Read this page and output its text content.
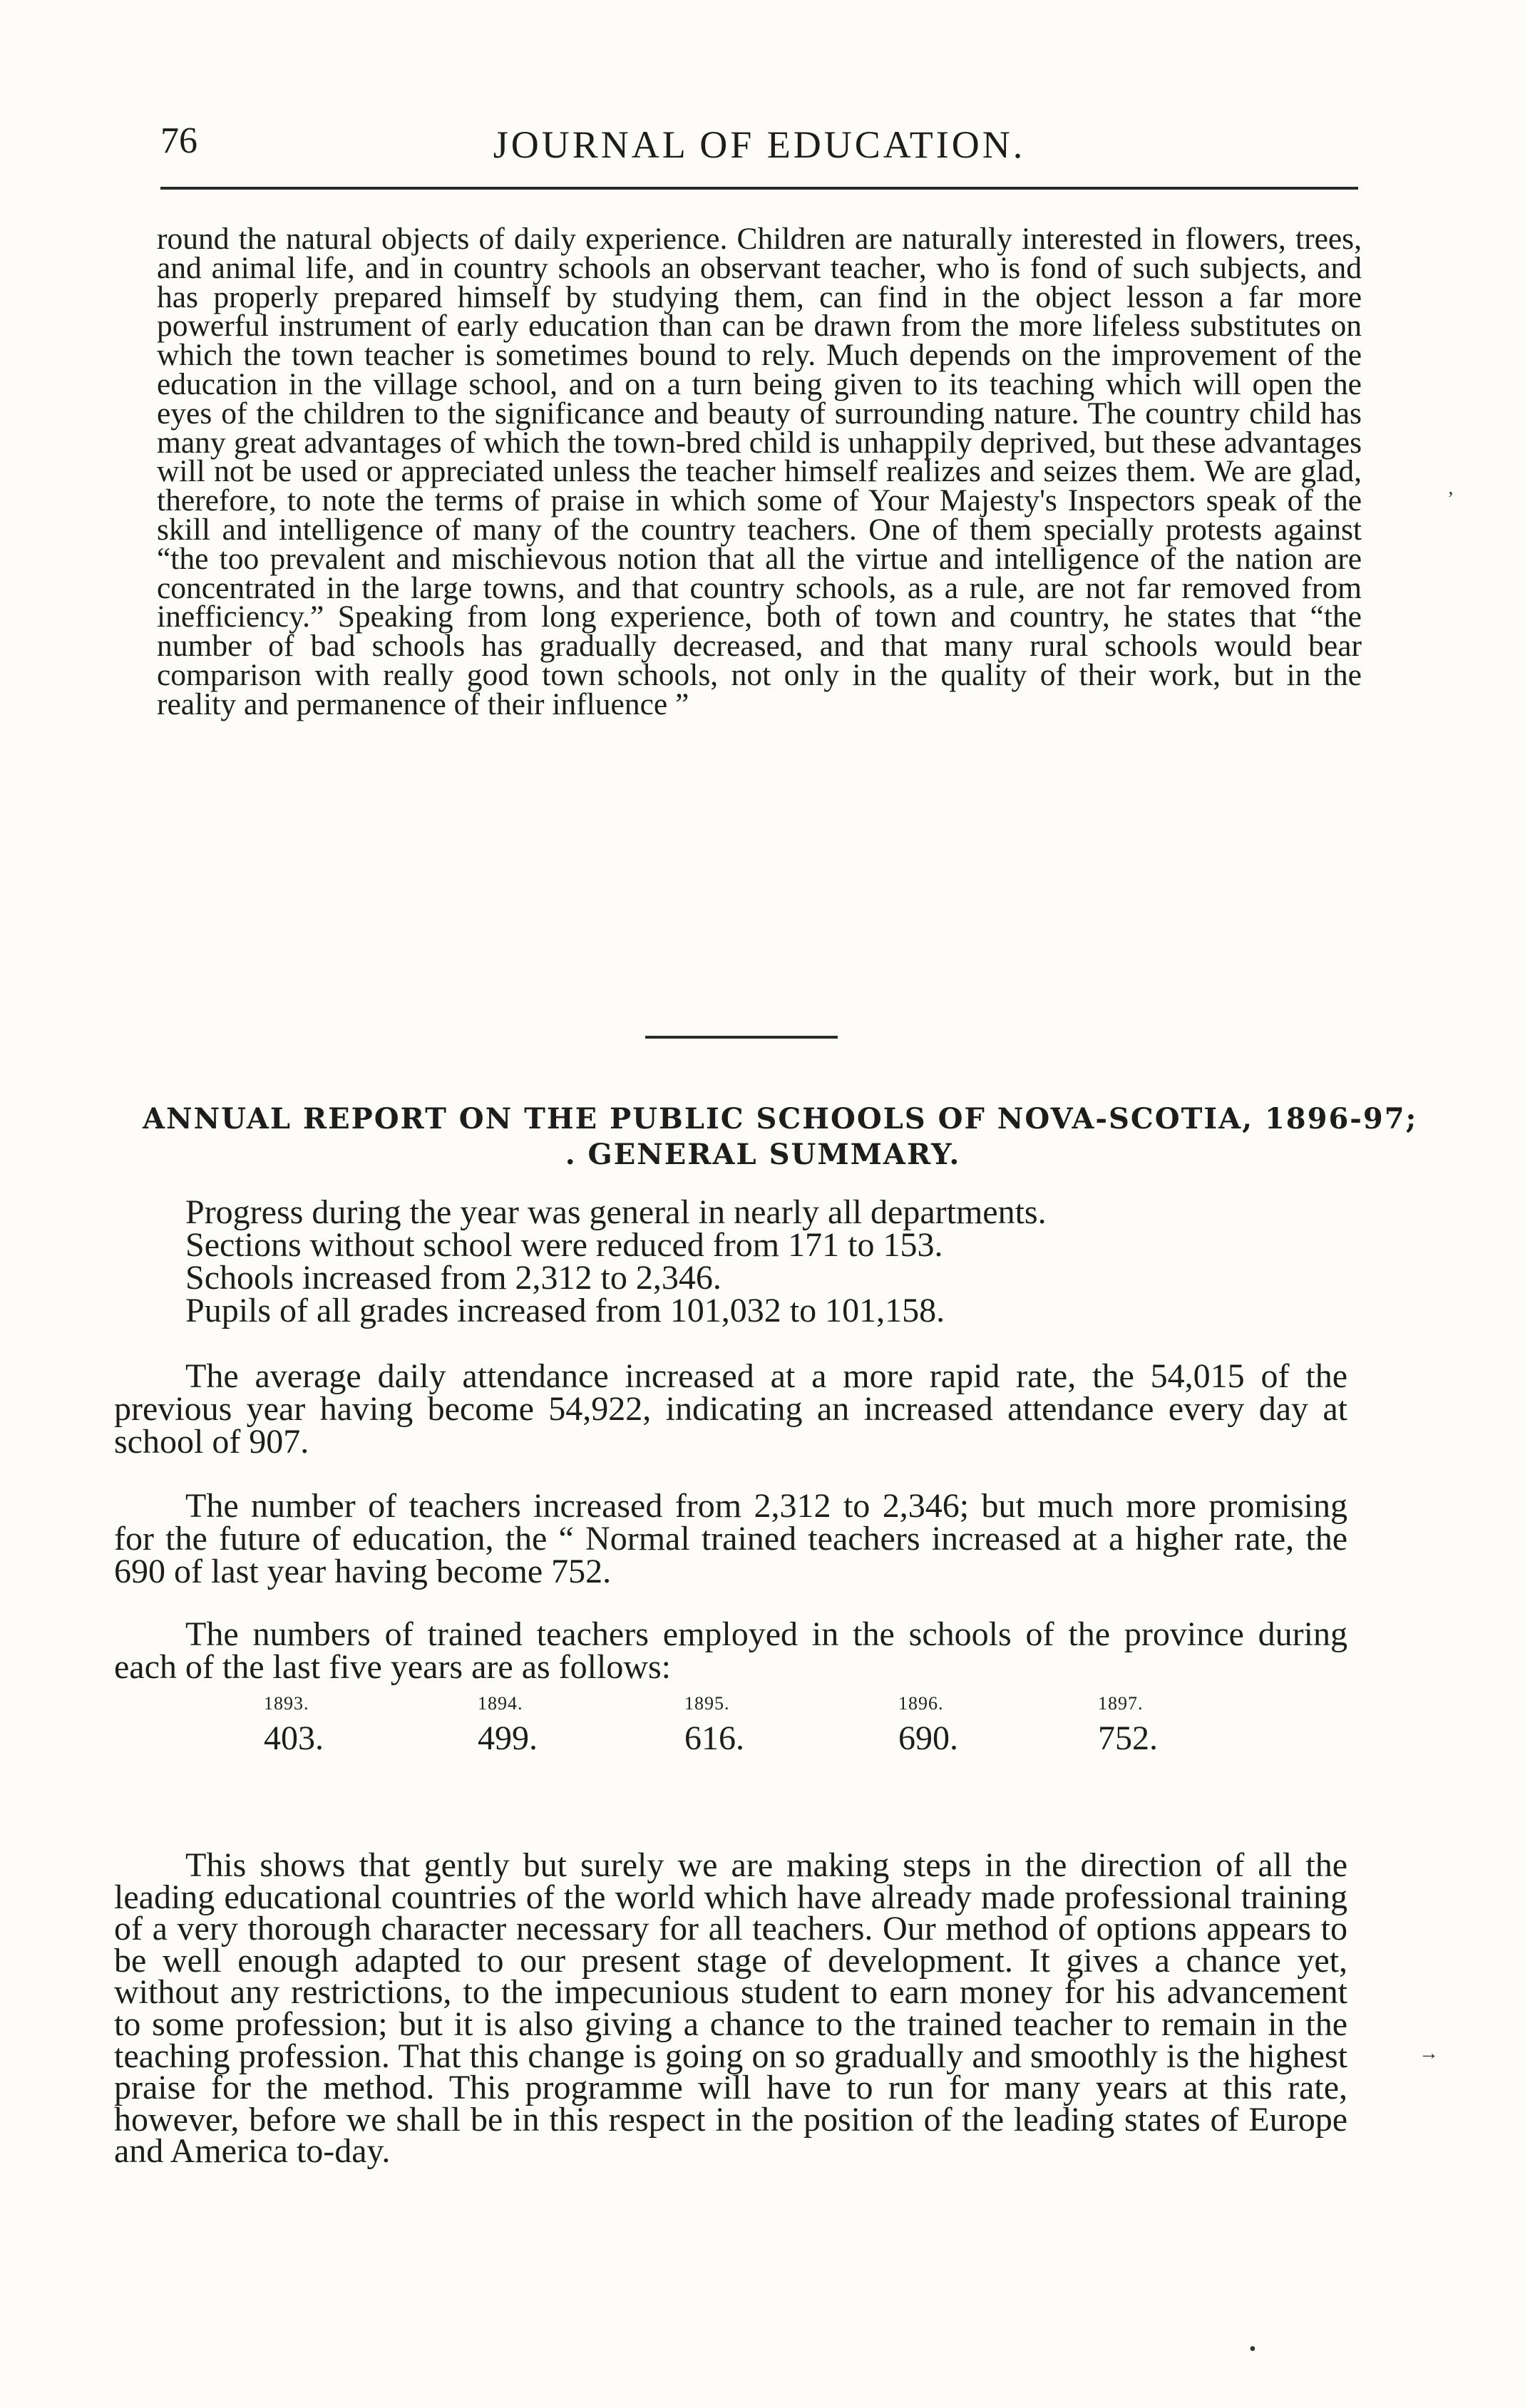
76	JOURNAL OF EDUCATION.
round the natural objects of daily experience. Children are naturally interested in flowers, trees, and animal life, and in country schools an observant teacher, who is fond of such subjects, and has properly prepared himself by studying them, can find in the object lesson a far more powerful instrument of early education than can be drawn from the more lifeless substitutes on which the town teacher is sometimes bound to rely. Much depends on the improvement of the education in the village school, and on a turn being given to its teaching which will open the eyes of the children to the significance and beauty of surrounding nature. The country child has many great advantages of which the town-bred child is unhappily deprived, but these advantages will not be used or appreciated unless the teacher himself realizes and seizes them. We are glad, therefore, to note the terms of praise in which some of Your Majesty's Inspectors speak of the skill and intelligence of many of the country teachers. One of them specially protests against “the too prevalent and mischievous notion that all the virtue and intelligence of the nation are concentrated in the large towns, and that country schools, as a rule, are not far removed from inefficiency.” Speaking from long experience, both of town and country, he states that “the number of bad schools has gradually decreased, and that many rural schools would bear comparison with really good town schools, not only in the quality of their work, but in the reality and permanence of their influence ”
ANNUAL REPORT ON THE PUBLIC SCHOOLS OF NOVA-SCOTIA, 1896-97;
. GENERAL SUMMARY.

Progress during the year was general in nearly all departments.

Sections without school were reduced from 171 to 153.

Schools increased from 2,312 to 2,346.

Pupils of all grades increased from 101,032 to 101,158.

The average daily attendance increased at a more rapid rate, the 54,015 of the previous year having become 54,922, indicating an increased attendance every day at school of 907.
The number of teachers increased from 2,312 to 2,346; but much more promising for the future of education, the “ Normal trained teachers increased at a higher rate, the 690 of last year having become 752.
The numbers of trained teachers employed in the schools of the province during each of the last five years are as follows:
1893.
403.
1894.
499.
1895.
616.
1896.
690.
1897.
752.
This shows that gently but surely we are making steps in the direction of all the leading educational countries of the world which have already made professional training of a very thorough character necessary for all teachers. Our method of options appears to be well enough adapted to our present stage of development. It gives a chance yet, without any restrictions, to the impecunious student to earn money for his advancement to some profession; but it is also giving a chance to the trained teacher to remain in the teaching profession. That this change is going on so gradually and smoothly is the highest praise for the method. This programme will have to run for many years at this rate, however, before we shall be in this respect in the position of the leading states of Europe and America to-day.
’
→
•
